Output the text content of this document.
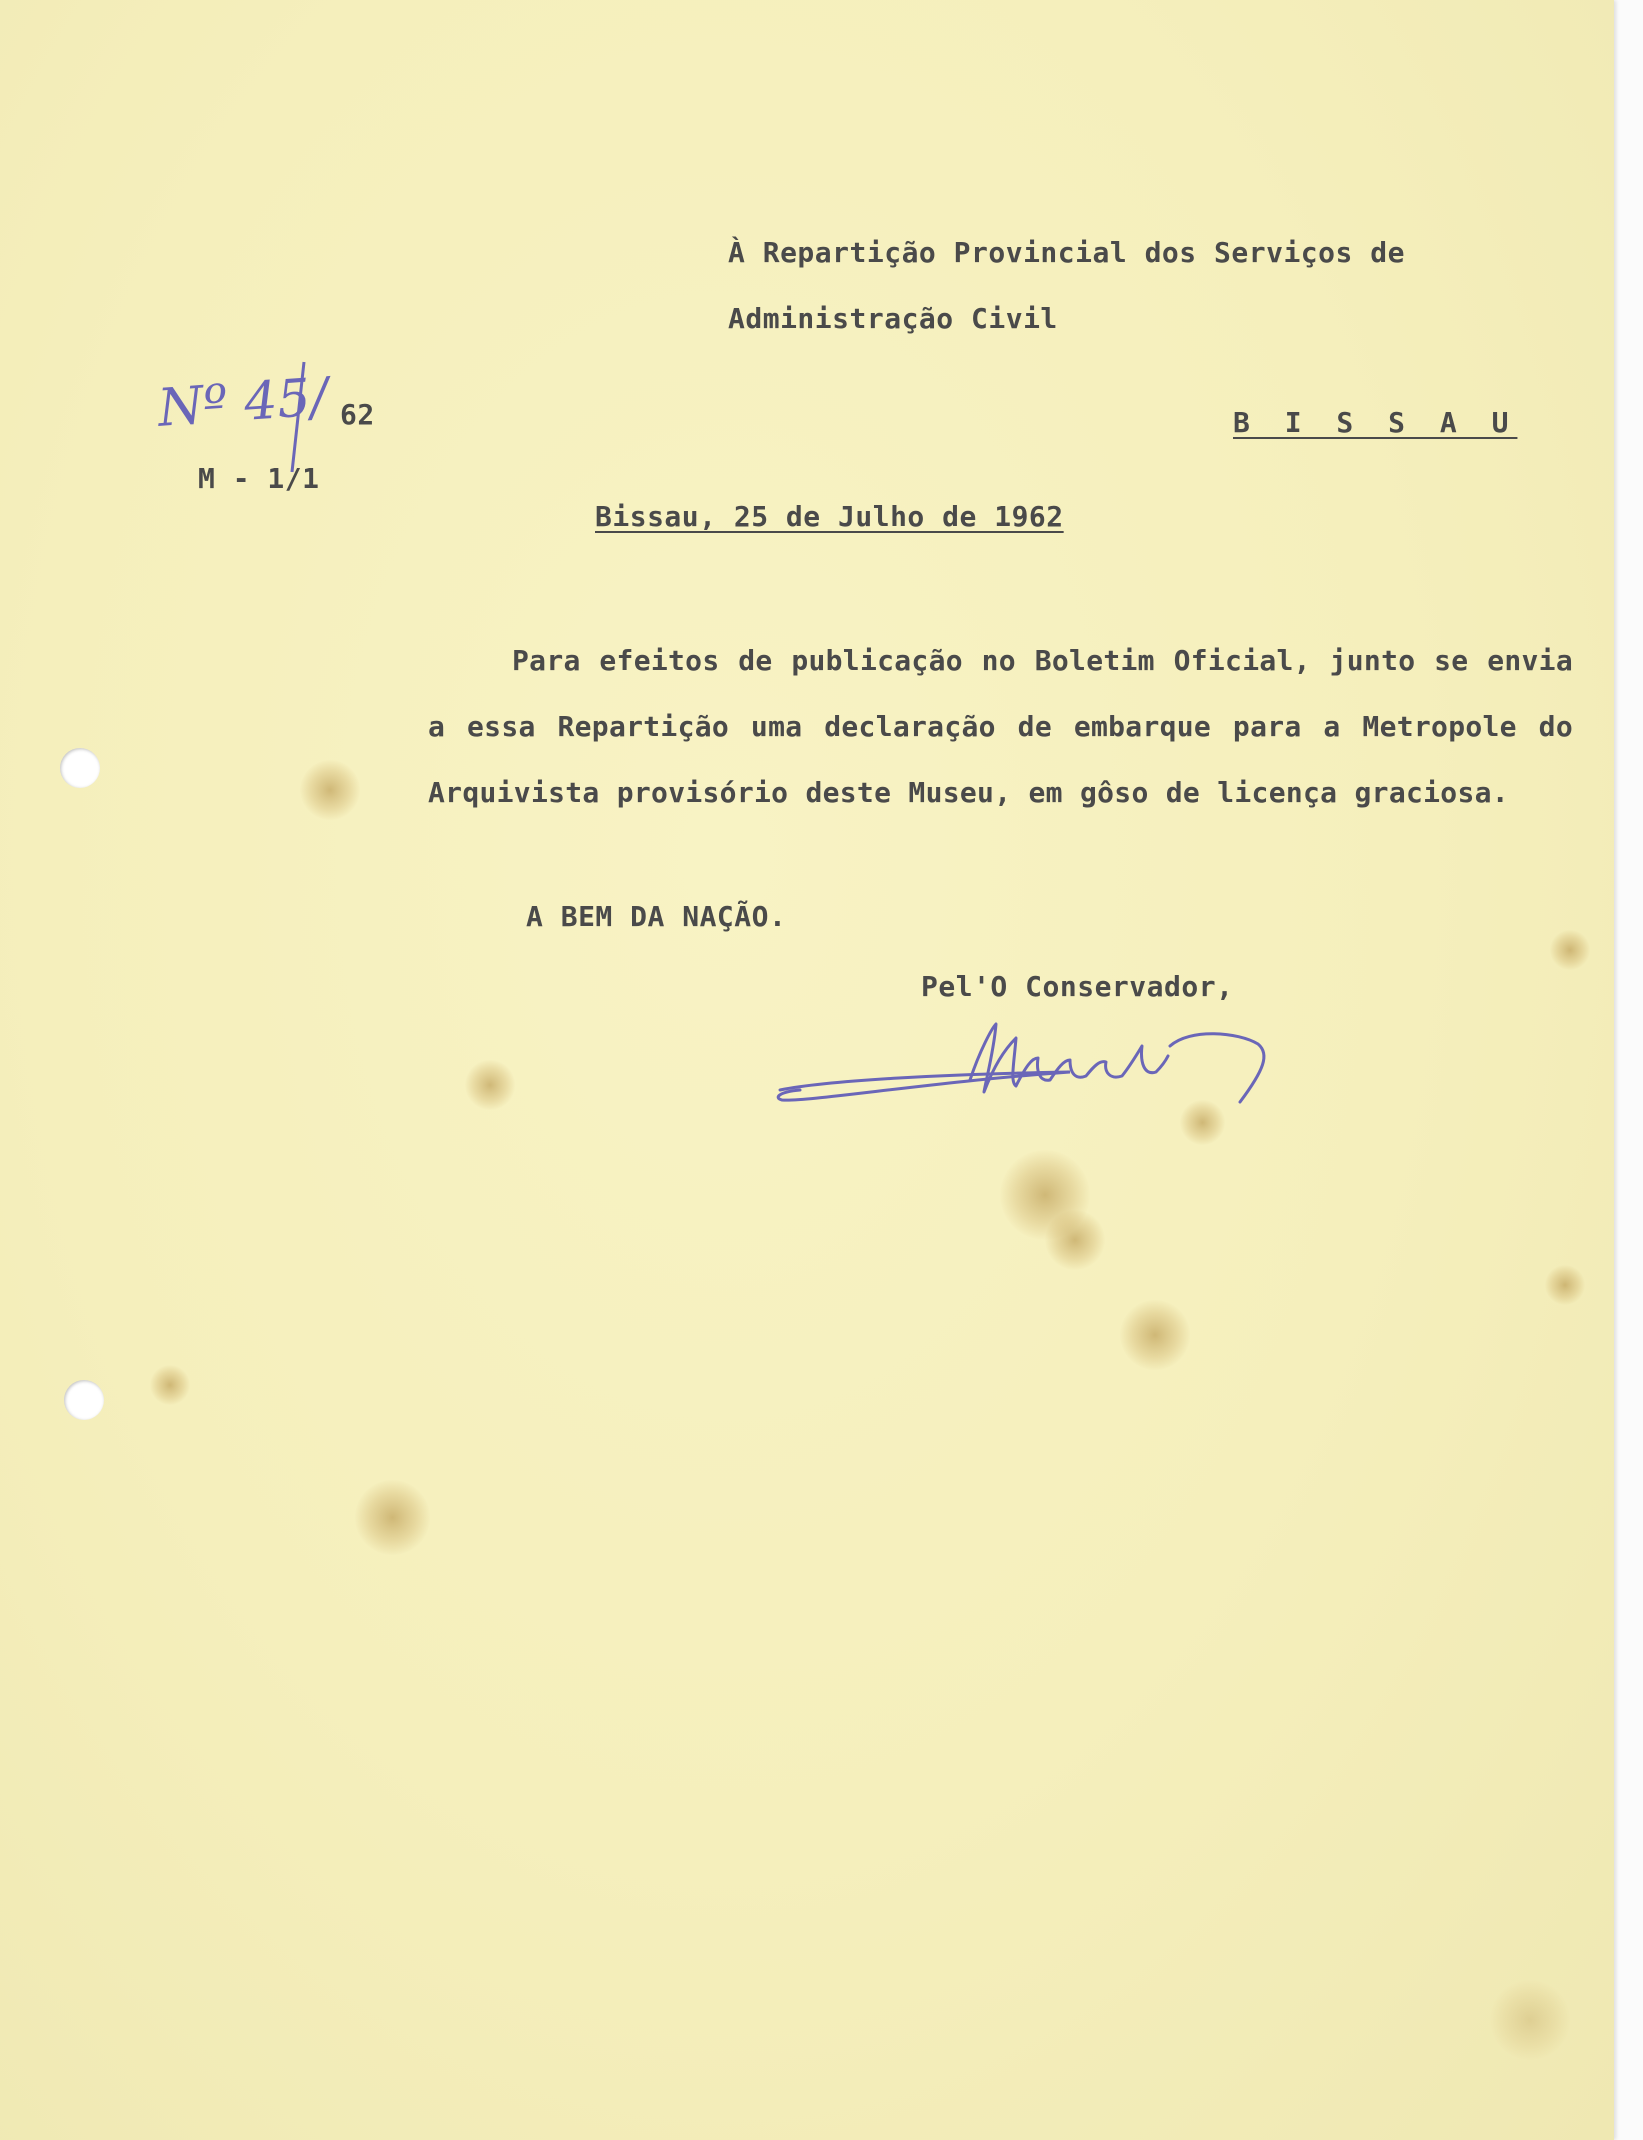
À Repartição Provincial dos Serviços de
Administração Civil
B I S S A U
Nº 45/ 62
M - 1/1
Bissau, 25 de Julho de 1962
Para efeitos de publicação no Boletim Oficial, junto se envia a essa Repartição uma declaração de embarque para a Metropole do Arquivista provisório deste Museu, em gôso de licença graciosa.
A BEM DA NAÇÃO.
Pel'O Conservador,
